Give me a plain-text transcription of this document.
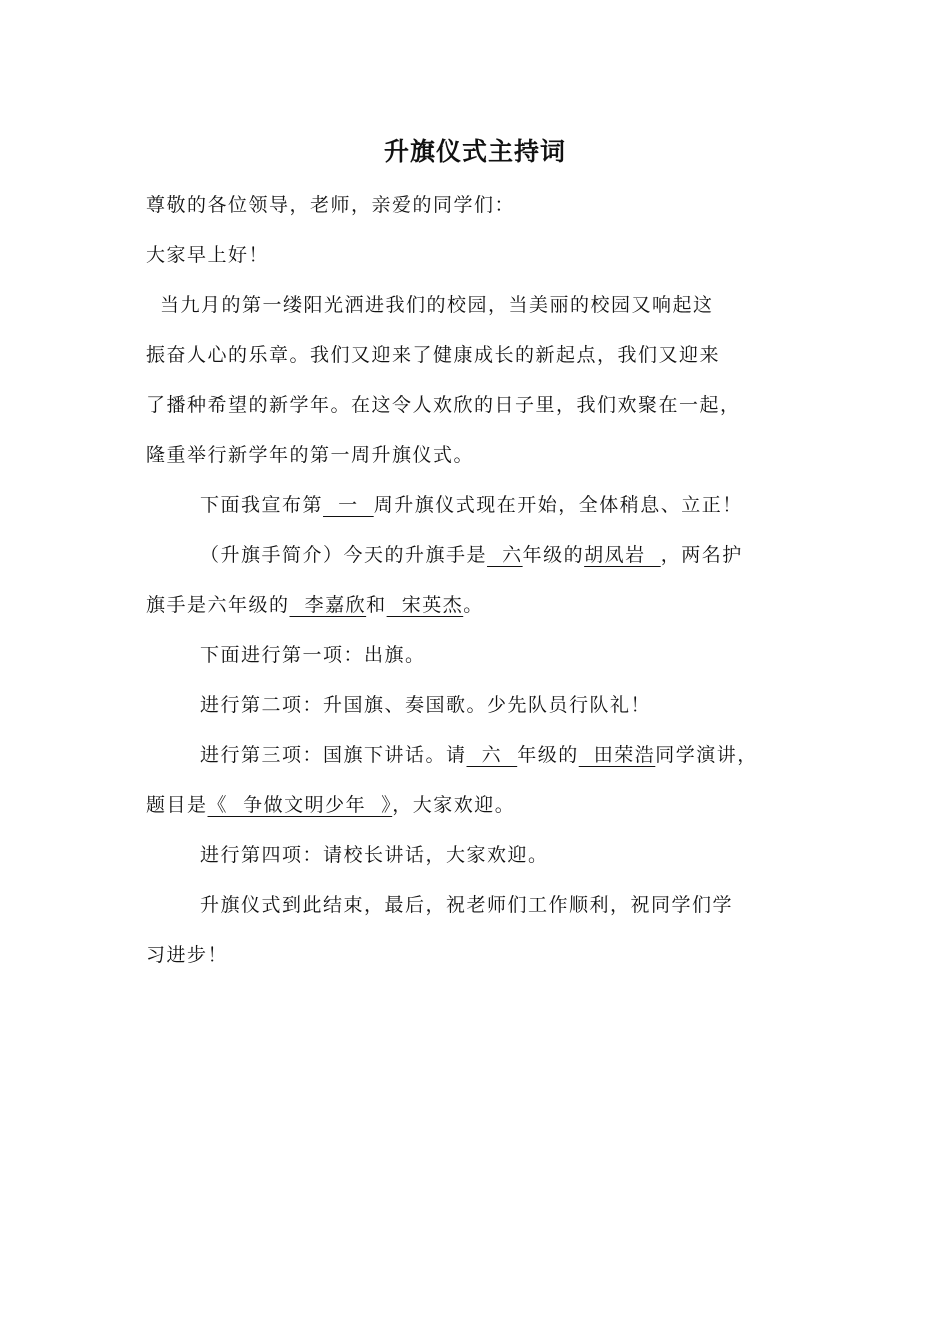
升旗仪式主持词

尊敬的各位领导，老师，亲爱的同学们：

大家早上好！

当九月的第一缕阳光洒进我们的校园，当美丽的校园又响起这

振奋人心的乐章。我们又迎来了健康成长的新起点，我们又迎来
了播种希望的新学年。在这令人欢欣的日子里，我们欢聚在一起，
隆重举行新学年的第一周升旗仪式。

下面我宣布第  一  周升旗仪式现在开始，全体稍息、立正！

（升旗手简介）今天的升旗手是  六年级的胡凤岩  ，两名护

旗手是六年级的  李嘉欣和  宋英杰。

下面进行第一项：出旗。

进行第二项：升国旗、奏国歌。少先队员行队礼！

进行第三项：国旗下讲话。请  六  年级的  田荣浩同学演讲，

题目是《  争做文明少年  》，大家欢迎。

进行第四项：请校长讲话，大家欢迎。

升旗仪式到此结束，最后，祝老师们工作顺利，祝同学们学

习进步！
